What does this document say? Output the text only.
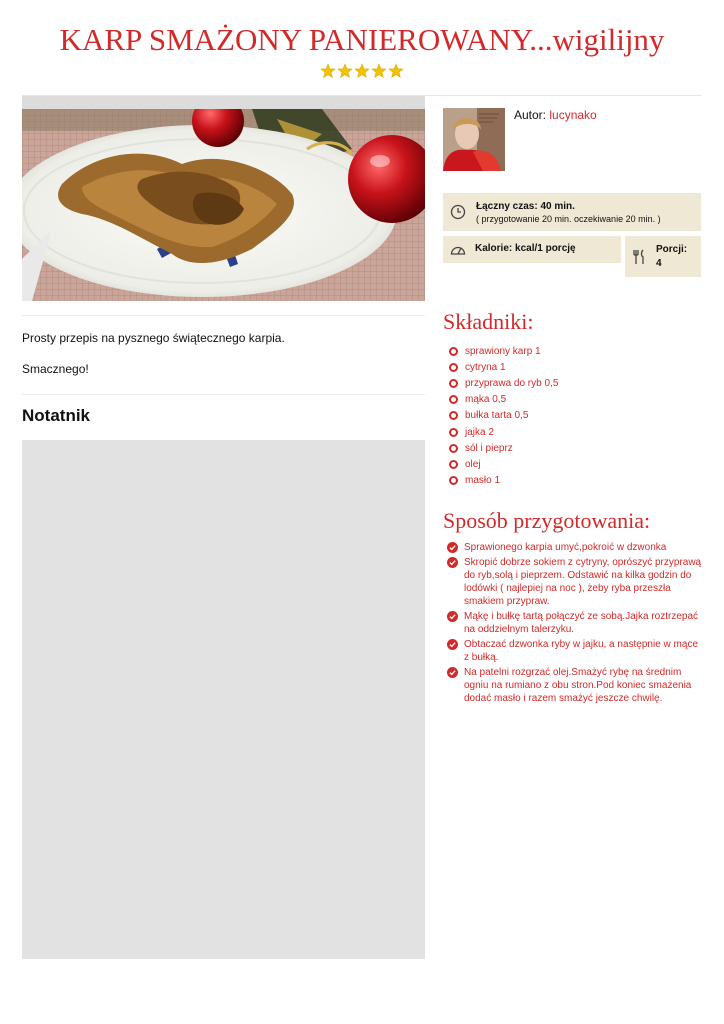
KARP SMAŻONY PANIEROWANY...wigilijny

Prosty przepis na pysznego świątecznego karpia.

Smacznego!

Notatnik
Autor: lucynako
Łączny czas: 40 min.
( przygotowanie 20 min. oczekiwanie 20 min. )
Kalorie: kcal/1 porcję	Porcji:
4
Składniki:
sprawiony karp 1
cytryna 1
przyprawa do ryb 0,5
mąka 0,5
bułka tarta 0,5
jajka 2
sól i pieprz
olej
masło 1
Sposób przygotowania:
Sprawionego karpia umyć,pokroić w dzwonka
Skropić dobrze sokiem z cytryny, oprószyć przyprawą do ryb,solą i pieprzem. Odstawić na kilka godzin do lodówki ( najlepiej na noc ), żeby ryba przeszła smakiem przypraw.
Mąkę i bułkę tartą połączyć ze sobą.Jajka roztrzepać na oddzielnym talerzyku.
Obtaczać dzwonka ryby w jajku, a następnie w mące z bułką.
Na patelni rozgrzać olej.Smażyć rybę na średnim ogniu na rumiano z obu stron.Pod koniec smażenia dodać masło i razem smażyć jeszcze chwilę.
